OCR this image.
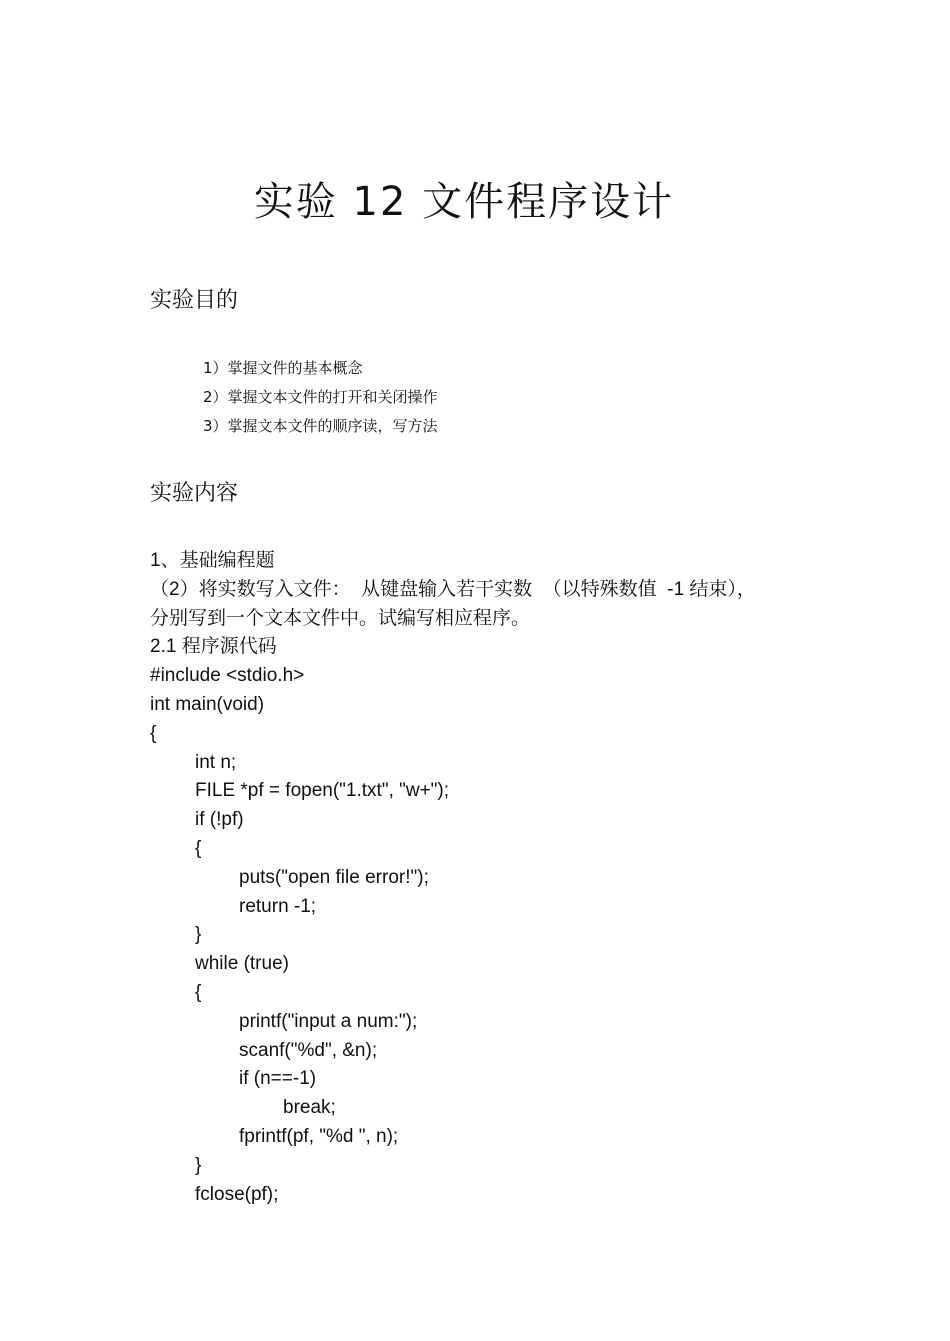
实验 12 文件程序设计
实验目的
1）掌握文件的基本概念
2）掌握文本文件的打开和关闭操作
3）掌握文本文件的顺序读，写方法
实验内容
1、基础编程题
（2）将实数写入文件：  从键盘输入若干实数  （以特殊数值  -1 结束），
分别写到一个文本文件中。试编写相应程序。
2.1 程序源代码
#include <stdio.h>
int main(void)
{
int n;
FILE *pf = fopen("1.txt", "w+");
if (!pf)
{
puts("open file error!");
return -1;
}
while (true)
{
printf("input a num:");
scanf("%d", &n);
if (n==-1)
break;
fprintf(pf, "%d ", n);
}
fclose(pf);
